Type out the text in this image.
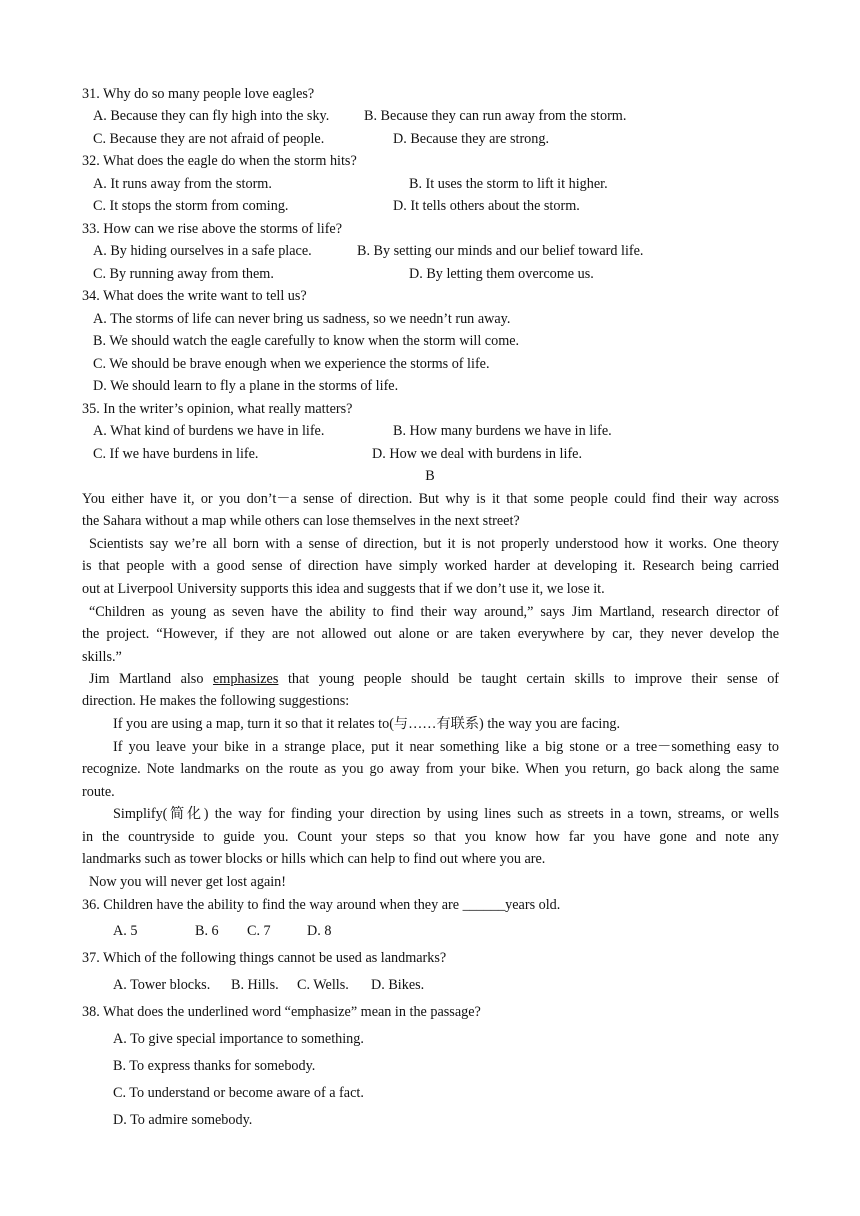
31. Why do so many people love eagles?
A. Because they can fly high into the sky. B. Because they can run away from the storm.
C. Because they are not afraid of people.	D. Because they are strong.
32. What does the eagle do when the storm hits?
A. It runs away from the storm.	B. It uses the storm to lift it higher.
C. It stops the storm from coming.	D. It tells others about the storm.
33. How can we rise above the storms of life?
A. By hiding ourselves in a safe place.	B. By setting our minds and our belief toward life.
C. By running away from them.	D. By letting them overcome us.
34. What does the write want to tell us?
A. The storms of life can never bring us sadness, so we needn’t run away.
B. We should watch the eagle carefully to know when the storm will come.
C. We should be brave enough when we experience the storms of life.
D. We should learn to fly a plane in the storms of life.
35. In the writer’s opinion, what really matters?
A. What kind of burdens we have in life.	B. How many burdens we have in life.
C. If we have burdens in life.	D. How we deal with burdens in life.
B
You either have it, or you don’t－a sense of direction. But why is it that some people could find their way across
the Sahara without a map while others can lose themselves in the next street?
Scientists say we’re all born with a sense of direction, but it is not properly understood how it works. One theory
is that people with a good sense of direction have simply worked harder at developing it. Research being carried
out at Liverpool University supports this idea and suggests that if we don’t use it, we lose it.
“Children as young as seven have the ability to find their way around,” says Jim Martland, research director of
the project. “However, if they are not allowed out alone or are taken everywhere by car, they never develop the
skills.”
Jim Martland also emphasizes that young people should be taught certain skills to improve their sense of
direction. He makes the following suggestions:
If you are using a map, turn it so that it relates to(与……有联系) the way you are facing.
If you leave your bike in a strange place, put it near something like a big stone or a tree－something easy to
recognize. Note landmarks on the route as you go away from your bike. When you return, go back along the same
route.
Simplify(简化) the way for finding your direction by using lines such as streets in a town, streams, or wells
in the countryside to guide you. Count your steps so that you know how far you have gone and note any
landmarks such as tower blocks or hills which can help to find out where you are.
Now you will never get lost again!
36. Children have the ability to find the way around when they are ______years old.
A. 5	B. 6 C. 7	D. 8
37. Which of the following things cannot be used as landmarks?
A. Tower blocks. B. Hills. C. Wells. D. Bikes.
38. What does the underlined word “emphasize” mean in the passage?
A. To give special importance to something.
B. To express thanks for somebody.
C. To understand or become aware of a fact.
D. To admire somebody.
